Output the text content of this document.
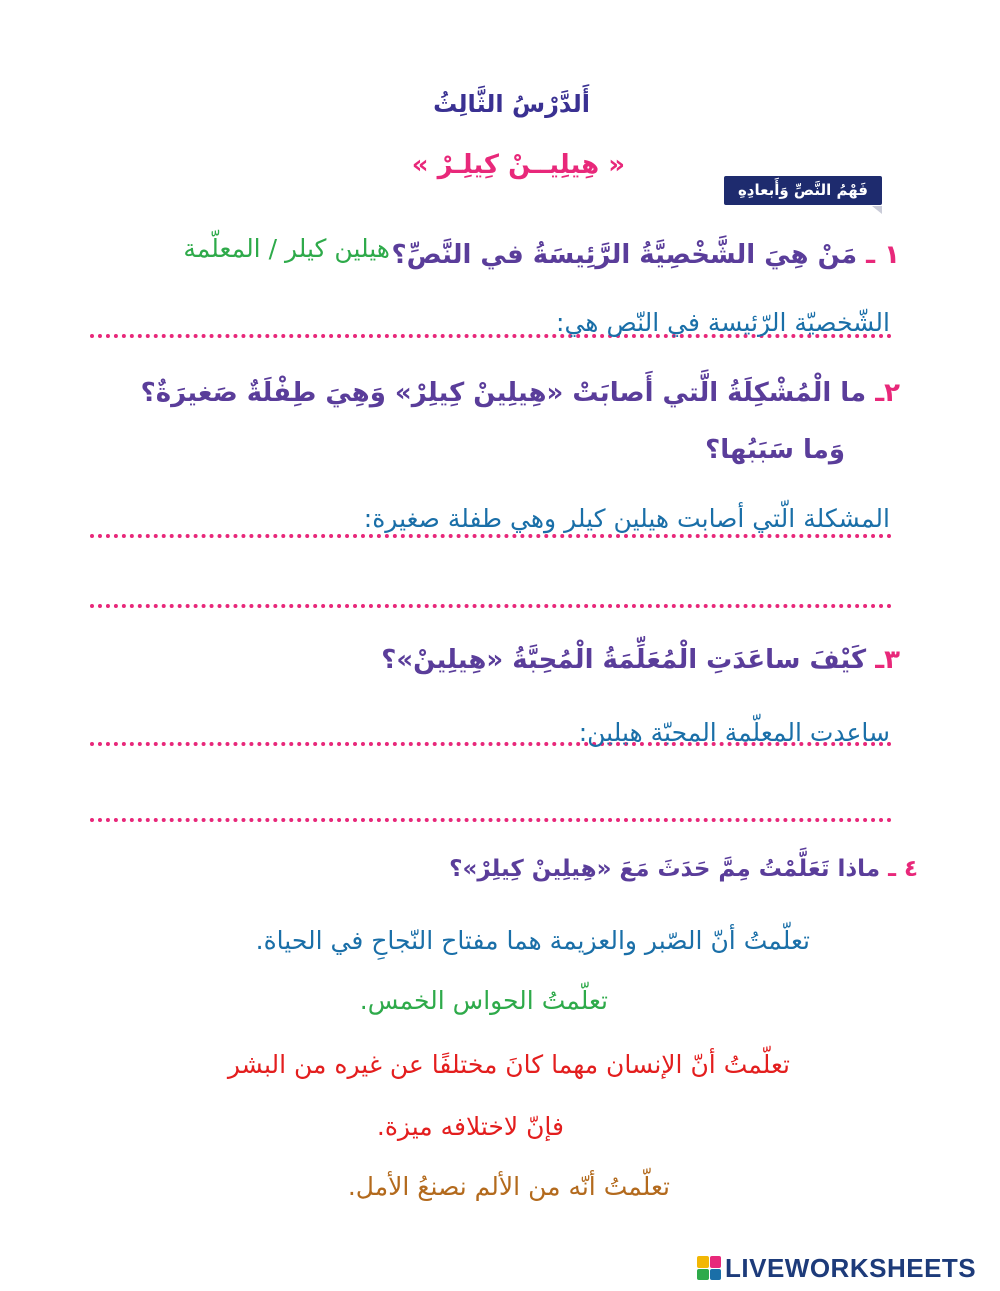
أَلدَّرْسُ الثَّالِثُ
« هِيلِيــنْ كِيلِـرْ »
فَهْمُ النَّصِّ وَأَبعادِهِ
١ ـ مَنْ هِيَ الشَّخْصِيَّةُ الرَّئِيسَةُ في النَّصِّ؟
هيلين كيلر / المعلّمة
الشّخصيّة الرّئيسة في النّص هي:
٢ـ ما الْمُشْكِلَةُ الَّتي أَصابَتْ «هِيلِينْ كِيلِرْ» وَهِيَ طِفْلَةٌ صَغيرَةٌ؟
وَما سَبَبُها؟
المشكلة الّتي أصابت هيلين كيلر وهي طفلة صغيرة:
٣ـ كَيْفَ ساعَدَتِ الْمُعَلِّمَةُ الْمُحِبَّةُ «هِيلِينْ»؟
ساعدت المعلّمة المحبّة هيلين:
٤ ـ ماذا تَعَلَّمْتُ مِمَّ حَدَثَ مَعَ «هِيلِينْ كِيلِرْ»؟
تعلّمتُ أنّ الصّبر والعزيمة هما مفتاح النّجاحِ في الحياة.
تعلّمتُ الحواس الخمس.
تعلّمتُ أنّ الإنسان مهما كانَ مختلفًا عن غيره من البشر
فإنّ لاختلافه ميزة.
تعلّمتُ أنّه من الألم نصنعُ الأمل.
LIVEWORKSHEETS
